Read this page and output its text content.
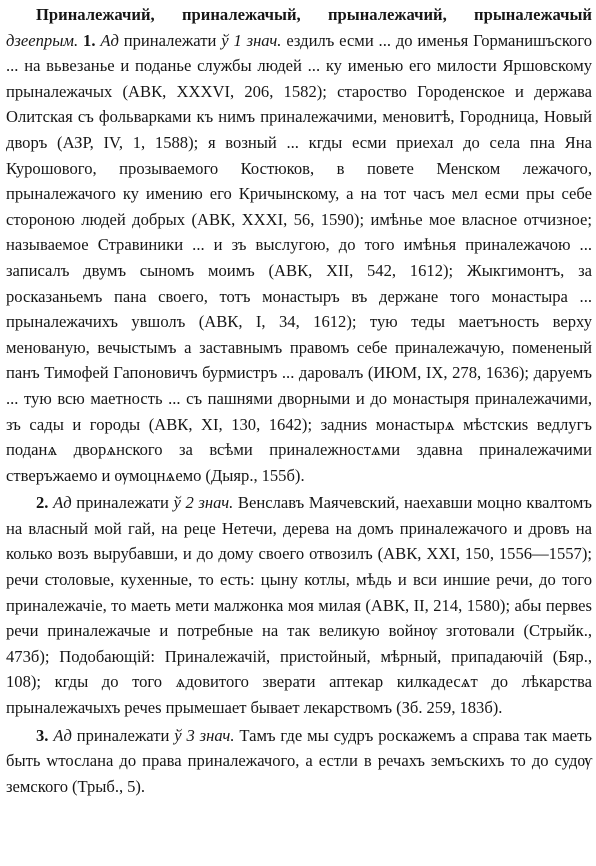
Приналежачий, приналежачый, прыналежачий, прыналежачый дзеепрым. 1. Ад приналежати ў 1 знач. ездилъ есми ... до именья Горманишъского ... на вьвезанье и поданье службы людей ... ку именью его милости Яршовскому прыналежачых (АВК, XXXVI, 206, 1582); староство Городенское и держава Олитская съ фольварками къ нимъ приналежачими, меновитѣ, Городница, Новый дворъ (АЗР, IV, 1, 1588); я возный ... кгды есми приехал до села пна Яна Курошового, прозываемого Костюков, в повете Менском лежачого, прыналежачого ку имению его Кричынскому, а на тот часъ мел есми пры себе стороною людей добрых (АВК, XXXI, 56, 1590); имѣнье мое власное отчизное; называемое Стравиники ... и зъ выслугою, до того имѣнья приналежачою ... записалъ двумъ сыномъ моимъ (АВК, XII, 542, 1612); Жыкгимонтъ, за росказаньемъ пана своего, тотъ монастыръ въ держане того монастыра ... прыналежачихъ увшолъ (АВК, I, 34, 1612); тую теды маетъность верху менованую, вечыстымъ а заставнымъ правомъ себе приналежачую, помененый панъ Тимофей Гапоновичъ бурмистръ ... даровалъ (ИЮМ, IX, 278, 1636); даруемъ ... тую всю маетность ... съ пашнями дворными и до монастыря приналежачими, зъ сады и городы (АВК, XI, 130, 1642); задниѕ монастырѧ мѣстскиѕ ведлугъ поданѧ дворѧнского за всѣми приналежностѧми здавна приналежачими стверъжаемо и ѹмоцнѧемо (Дыяр., 155б).

2. Ад приналежати ў 2 знач. Венславъ Маячевский, наехавши моцно квалтомъ на власный мой гай, на реце Нетечи, дерева на домъ приналежачого и дровъ на колько возъ вырубавши, и до дому своего отвозилъ (АВК, XXI, 150, 1556—1557); речи столовые, кухенные, то есть: цыну котлы, мѣдь и вси иншие речи, до того приналежачіе, то маеть мети малжонка моя милая (АВК, II, 214, 1580); абы первеѕ речи приналежачые и потребные на так великую войнѹ зготовали (Стрыйк., 473б); Подобающій: Приналежачій, пристойный, мѣрный, припадаючій (Бяр., 108); кгды до того ѧдовитого зверати аптекар килкадесѧт до лѣкарства прыналежачыхъ речеѕ прымешает бывает лекарствомъ (Зб. 259, 183б).

3. Ад приналежати ў 3 знач. Тамъ где мы судръ роскажемъ а справа так маеть быть wтослана до права приналежачого, а естли в речахъ земъскихъ то до судѹ земского (Трыб., 5).
